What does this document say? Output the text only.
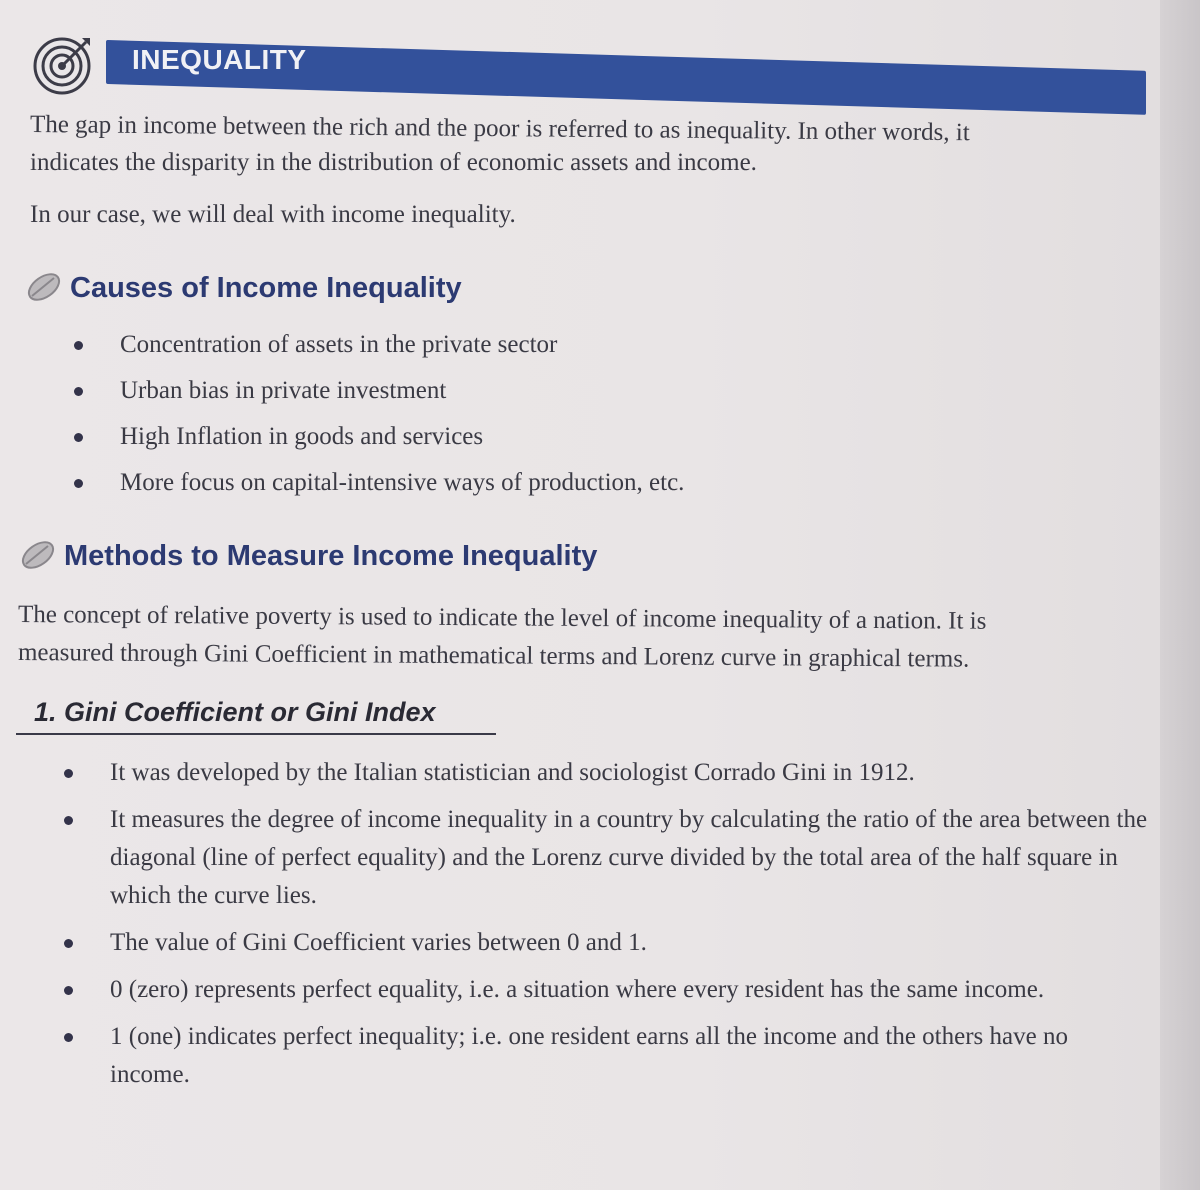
INEQUALITY

The gap in income between the rich and the poor is referred to as inequality. In other words, it

indicates the disparity in the distribution of economic assets and income.

In our case, we will deal with income inequality.

Causes of Income Inequality
Concentration of assets in the private sector
Urban bias in private investment
High Inflation in goods and services
More focus on capital-intensive ways of production, etc.
Methods to Measure Income Inequality

The concept of relative poverty is used to indicate the level of income inequality of a nation. It is

measured through Gini Coefficient in mathematical terms and Lorenz curve in graphical terms.

1. Gini Coefficient or Gini Index
It was developed by the Italian statistician and sociologist Corrado Gini in 1912.
It measures the degree of income inequality in a country by calculating the ratio of the area between the diagonal (line of perfect equality) and the Lorenz curve divided by the total area of the half square in which the curve lies.
The value of Gini Coefficient varies between 0 and 1.
0 (zero) represents perfect equality, i.e. a situation where every resident has the same income.
1 (one) indicates perfect inequality; i.e. one resident earns all the income and the others have no income.
